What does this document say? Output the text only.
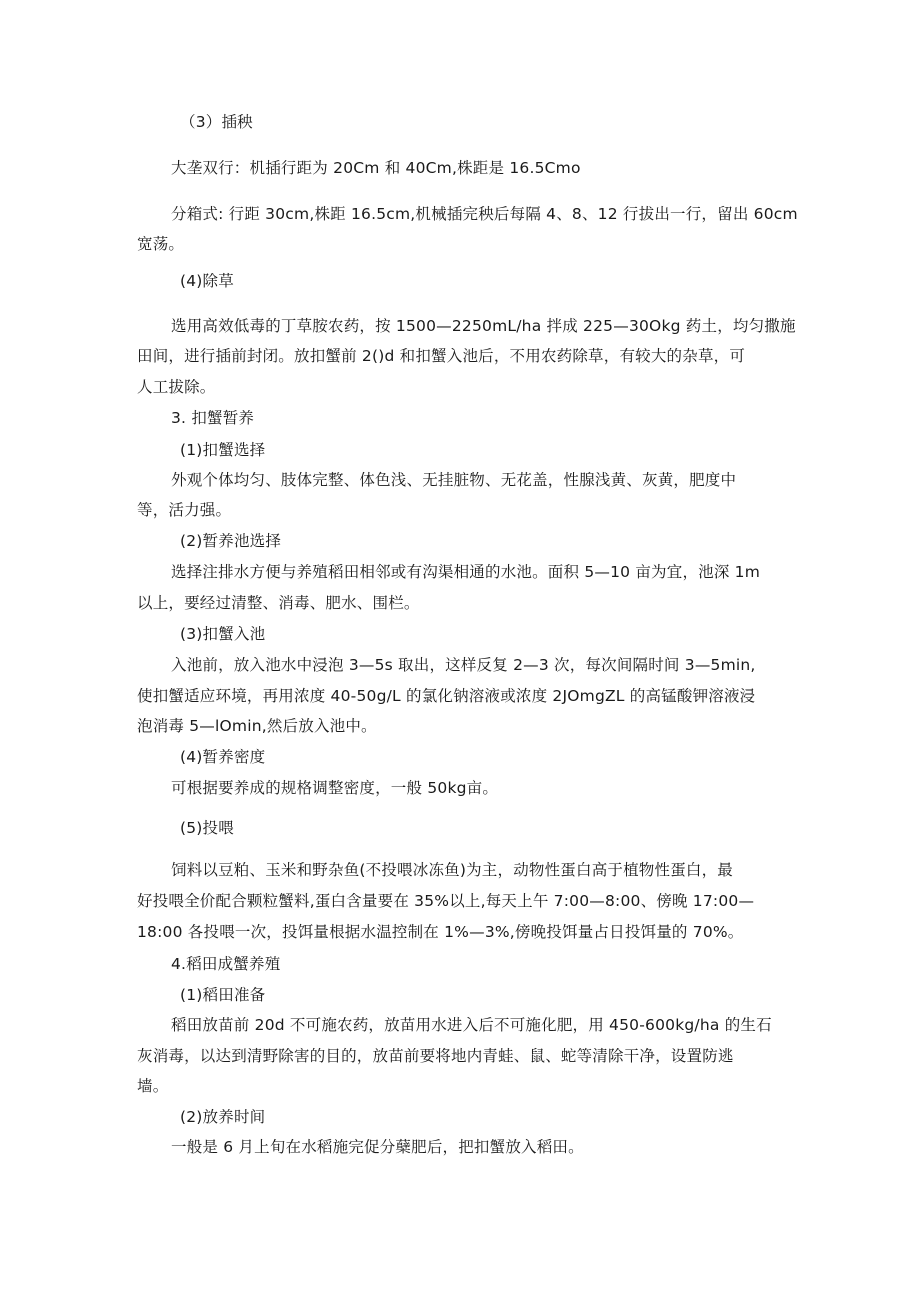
（3）插秧
大垄双行：机插行距为 20Cm 和 40Cm,株距是 16.5Cmo
分箱式: 行距 30cm,株距 16.5cm,机械插完秧后每隔 4、8、12 行拔出一行，留出 60cm
宽荡。
(4)除草
选用高效低毒的丁草胺农药，按 1500—2250mL/ha 拌成 225—30Okg 药土，均匀撒施
田间，进行插前封闭。放扣蟹前 2()d 和扣蟹入池后，不用农药除草，有较大的杂草，可
人工拔除。
3. 扣蟹暂养
(1)扣蟹选择
外观个体均匀、肢体完整、体色浅、无挂脏物、无花盖，性腺浅黄、灰黄，肥度中
等，活力强。
(2)暂养池选择
选择注排水方便与养殖稻田相邻或有沟渠相通的水池。面积 5—10 亩为宜，池深 1m
以上，要经过清整、消毒、肥水、围栏。
(3)扣蟹入池
入池前，放入池水中浸泡 3—5s 取出，这样反复 2—3 次，每次间隔时间 3—5min,
使扣蟹适应环境，再用浓度 40-50g/L 的氯化钠溶液或浓度 2JOmgZL 的高锰酸钾溶液浸
泡消毒 5—lOmin,然后放入池中。
(4)暂养密度
可根据要养成的规格调整密度，一般 50kg亩。
(5)投喂
饲料以豆粕、玉米和野杂鱼(不投喂冰冻鱼)为主，动物性蛋白高于植物性蛋白，最
好投喂全价配合颗粒蟹料,蛋白含量要在 35%以上,每天上午 7:00—8:00、傍晚 17:00—
18:00 各投喂一次，投饵量根据水温控制在 1%—3%,傍晚投饵量占日投饵量的 70%。
4.稻田成蟹养殖
(1)稻田准备
稻田放苗前 20d 不可施农药，放苗用水进入后不可施化肥，用 450-600kg/ha 的生石
灰消毒，以达到清野除害的目的，放苗前要将地内青蛙、鼠、蛇等清除干净，设置防逃
墙。
(2)放养时间
一般是 6 月上旬在水稻施完促分蘖肥后，把扣蟹放入稻田。
